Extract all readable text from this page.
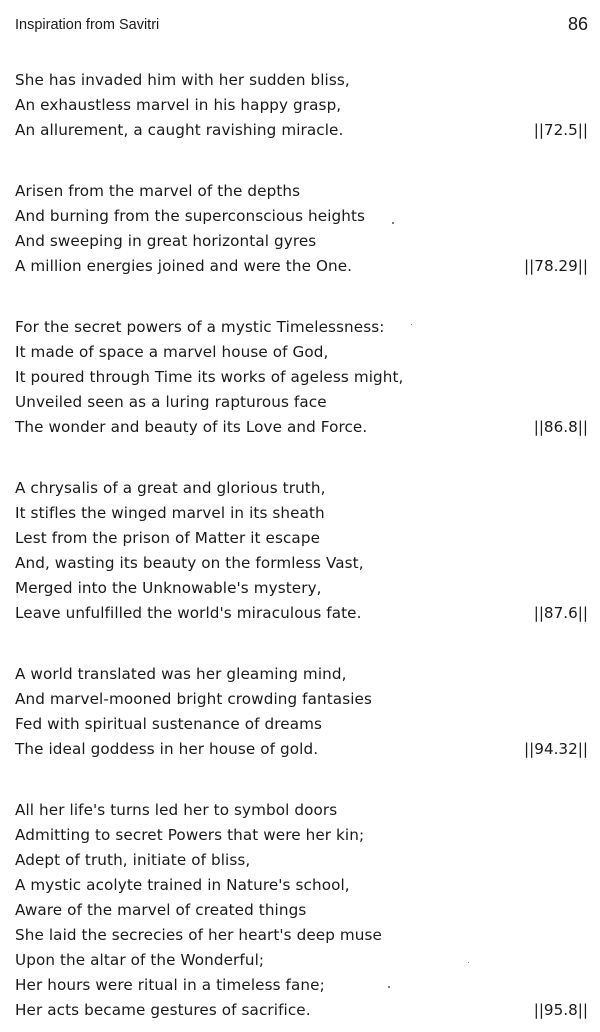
Inspiration from Savitri	86
She has invaded him with her sudden bliss,
An exhaustless marvel in his happy grasp,
An allurement, a caught ravishing miracle.	||72.5||
Arisen from the marvel of the depths
And burning from the superconscious heights
And sweeping in great horizontal gyres
A million energies joined and were the One.	||78.29||
For the secret powers of a mystic Timelessness:
It made of space a marvel house of God,
It poured through Time its works of ageless might,
Unveiled seen as a luring rapturous face
The wonder and beauty of its Love and Force.	||86.8||
A chrysalis of a great and glorious truth,
It stifles the winged marvel in its sheath
Lest from the prison of Matter it escape
And, wasting its beauty on the formless Vast,
Merged into the Unknowable's mystery,
Leave unfulfilled the world's miraculous fate.	||87.6||
A world translated was her gleaming mind,
And marvel-mooned bright crowding fantasies
Fed with spiritual sustenance of dreams
The ideal goddess in her house of gold.	||94.32||
All her life's turns led her to symbol doors
Admitting to secret Powers that were her kin;
Adept of truth, initiate of bliss,
A mystic acolyte trained in Nature's school,
Aware of the marvel of created things
She laid the secrecies of her heart's deep muse
Upon the altar of the Wonderful;
Her hours were ritual in a timeless fane;
Her acts became gestures of sacrifice.	||95.8||
